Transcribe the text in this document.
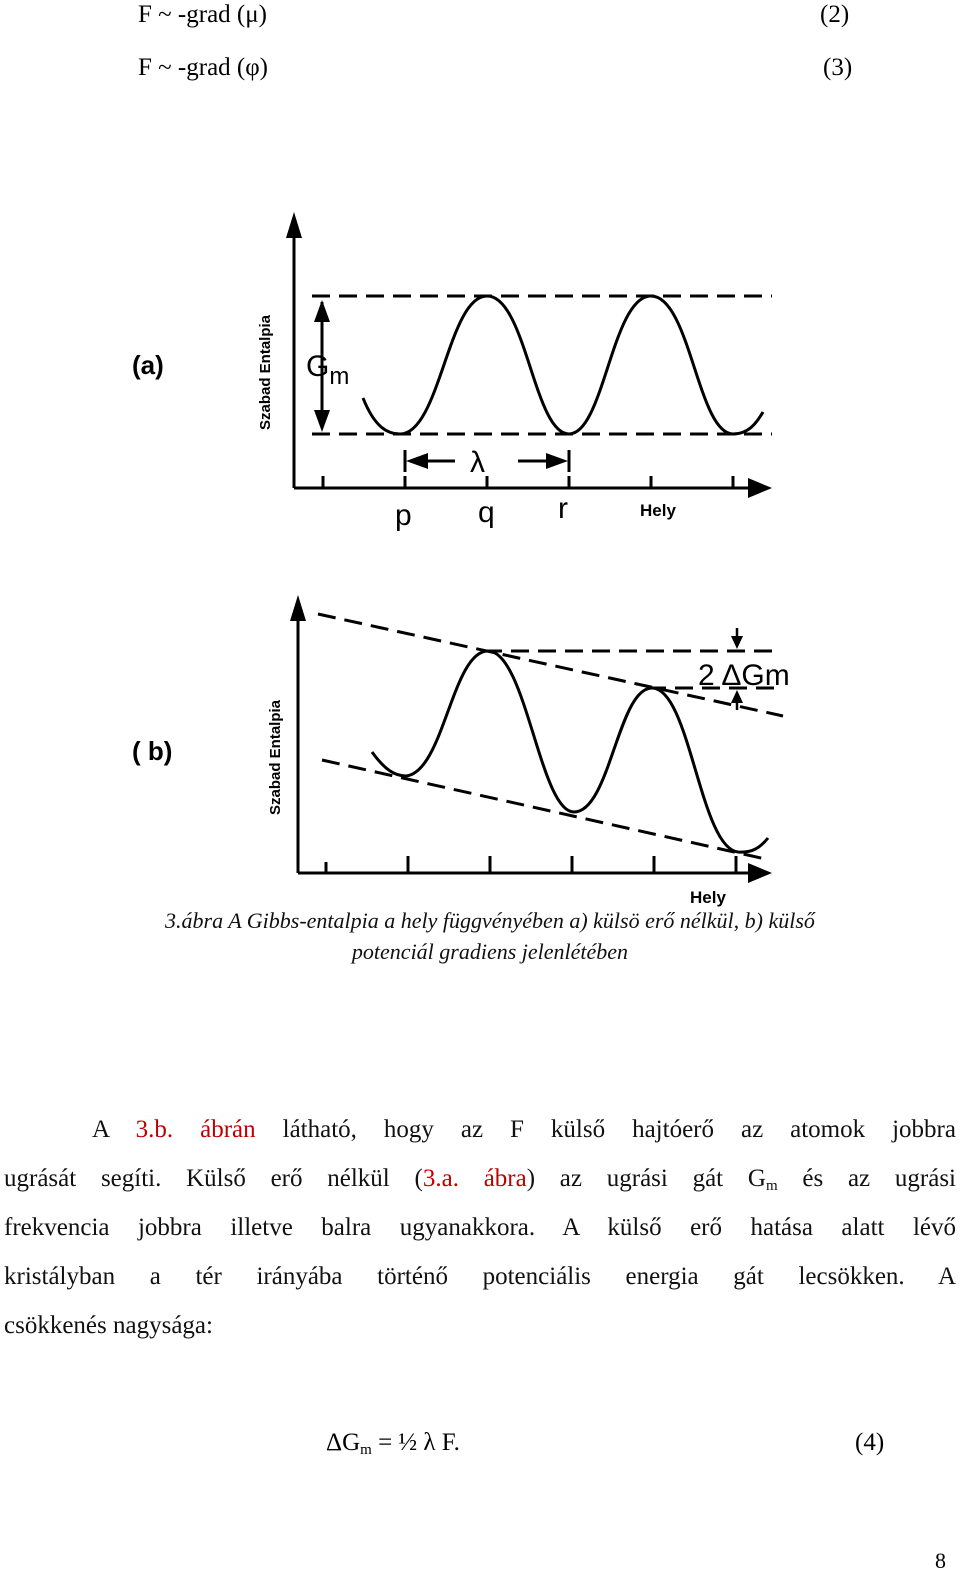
F ~ -grad (μ)	(2)
F ~ -grad (φ)	(3)
(a)	Szabad Entalpia
Hely
$G_m$
λ
p q r
( b)	Szabad Entalpia
Hely
2 ΔGm
3.ábra A Gibbs-entalpia a hely függvényében a) külsö erő nélkül, b) külső
potenciál gradiens jelenlétében
A 3.b. ábrán látható, hogy az F külső hajtóerő az atomok jobbra
ugrását segíti. Külső erő nélkül (3.a. ábra) az ugrási gát $G_m$ és az ugrási
frekvencia jobbra illetve balra ugyanakkora. A külső erő hatása alatt lévő
kristályban a tér irányába történő potenciális energia gát lecsökken. A
csökkenés nagysága:
$\Delta G_m$ = ½ λ F.	(4)
8
